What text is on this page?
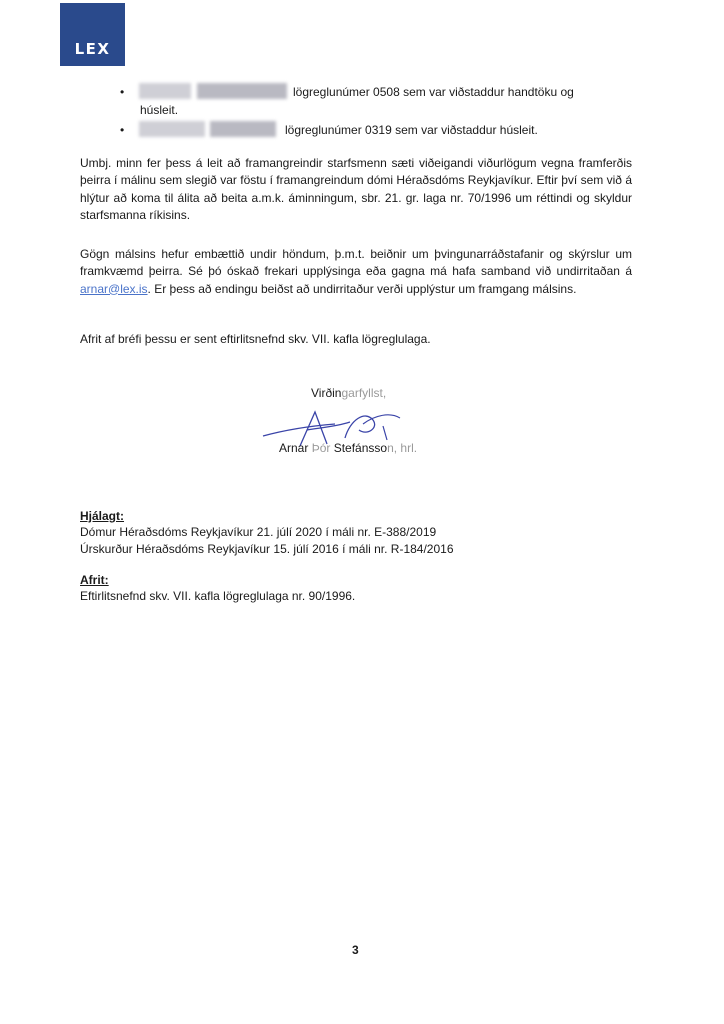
LEX
•	lögreglunúmer 0508 sem var viðstaddur handtöku og
húsleit.
•	lögreglunúmer 0319 sem var viðstaddur húsleit.
Umbj. minn fer þess á leit að framangreindir starfsmenn sæti viðeigandi viðurlögum vegna framferðis þeirra í málinu sem slegið var föstu í framangreindum dómi Héraðsdóms Reykjavíkur. Eftir því sem við á hlýtur að koma til álita að beita a.m.k. áminningum, sbr. 21. gr. laga nr. 70/1996 um réttindi og skyldur starfsmanna ríkisins.
Gögn málsins hefur embættið undir höndum, þ.m.t. beiðnir um þvingunarráðstafanir og skýrslur um framkvæmd þeirra. Sé þó óskað frekari upplýsinga eða gagna má hafa samband við undirritaðan á arnar@lex.is. Er þess að endingu beiðst að undirritaður verði upplýstur um framgang málsins.
Afrit af bréfi þessu er sent eftirlitsnefnd skv. VII. kafla lögreglulaga.
Virðingarfyllst,
Arnar Þór Stefánsson, hrl.
Hjálagt:
Dómur Héraðsdóms Reykjavíkur 21. júlí 2020 í máli nr. E-388/2019
Úrskurður Héraðsdóms Reykjavíkur 15. júlí 2016 í máli nr. R-184/2016
Afrit:
Eftirlitsnefnd skv. VII. kafla lögreglulaga nr. 90/1996.
3
